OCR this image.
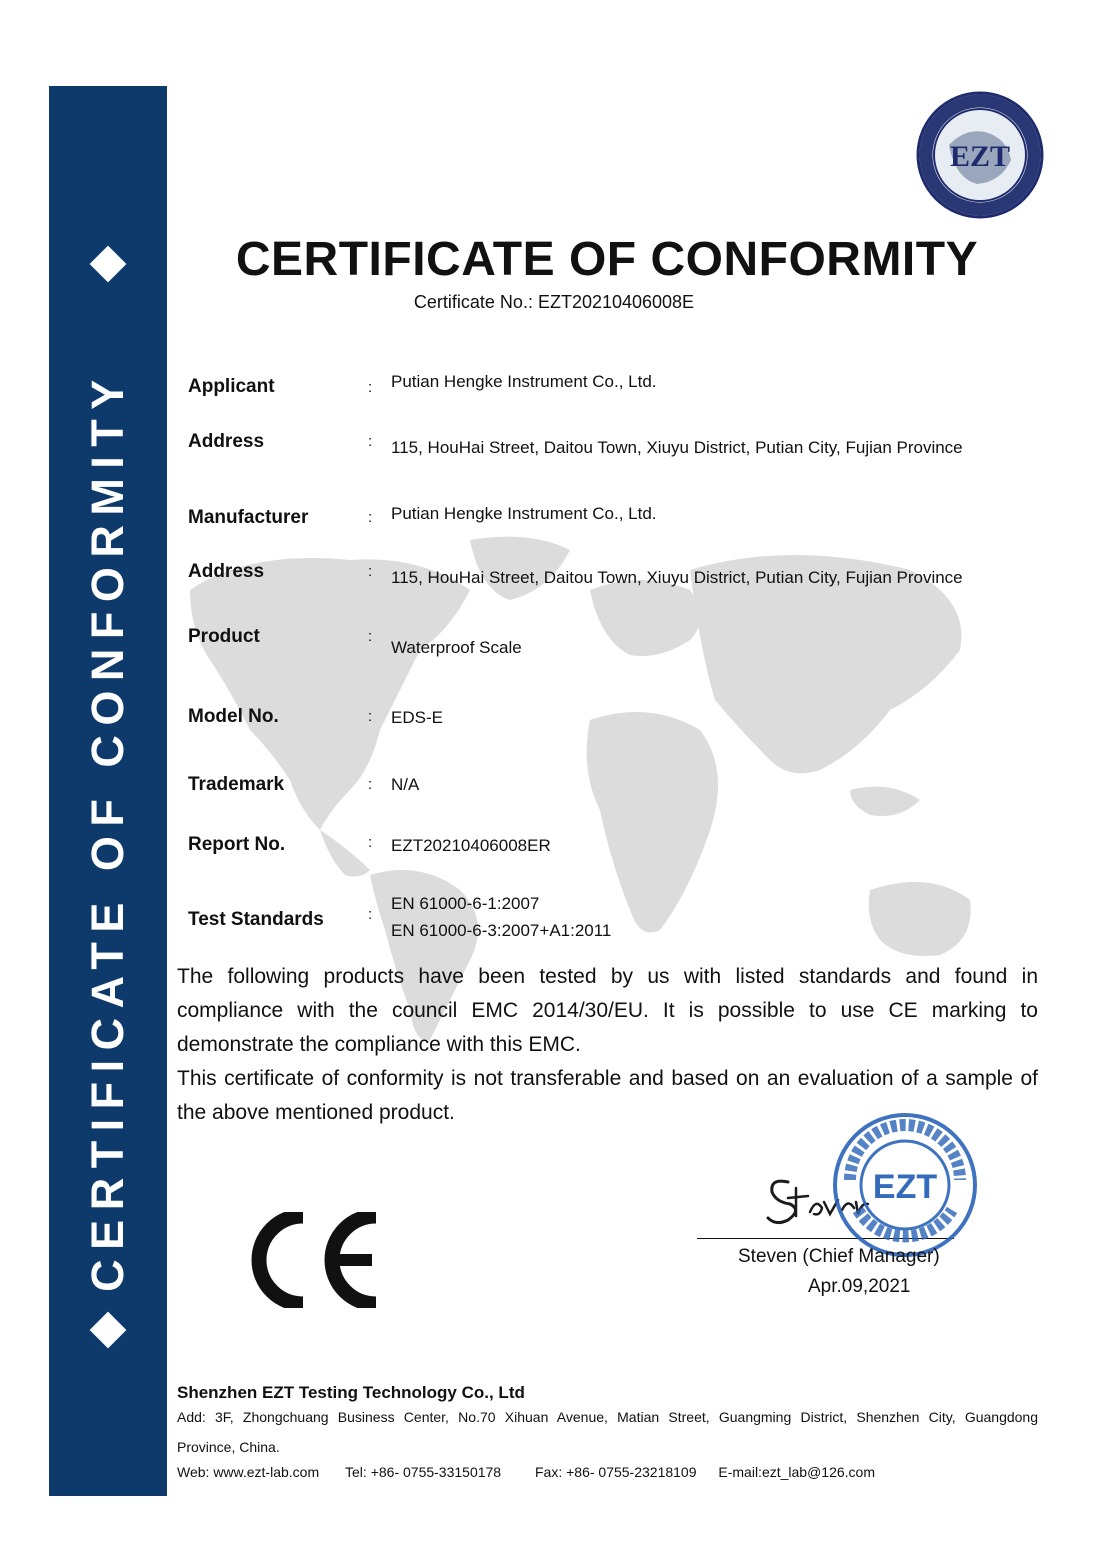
CERTIFICATE OF CONFORMITY
EZT
CERTIFICATE OF CONFORMITY
Certificate No.: EZT20210406008E
Applicant	: Putian Hengke Instrument Co., Ltd.
Address	: 115, HouHai Street, Daitou Town, Xiuyu District, Putian City, Fujian Province
Manufacturer	: Putian Hengke Instrument Co., Ltd.
Address	: 115, HouHai Street, Daitou Town, Xiuyu District, Putian City, Fujian Province
Product	:
Waterproof Scale
Model No.	: EDS-E
Trademark	: N/A
Report No.	: EZT20210406008ER
Test Standards	:
EN 61000-6-1:2007
EN 61000-6-3:2007+A1:2011
The following products have been tested by us with listed standards and found in
compliance with the council EMC 2014/30/EU. It is possible to use CE marking to
demonstrate the compliance with this EMC.
This certificate of conformity is not transferable and based on an evaluation of a sample of
the above mentioned product.
EZT
Steven (Chief Manager)
Apr.09,2021
Shenzhen EZT Testing Technology Co., Ltd
Add: 3F, Zhongchuang Business Center, No.70 Xihuan Avenue, Matian Street, Guangming District, Shenzhen City, Guangdong
Province, China.
Web: www.ezt-lab.com Tel: +86- 0755-33150178 Fax: +86- 0755-23218109 E-mail:ezt_lab@126.com
